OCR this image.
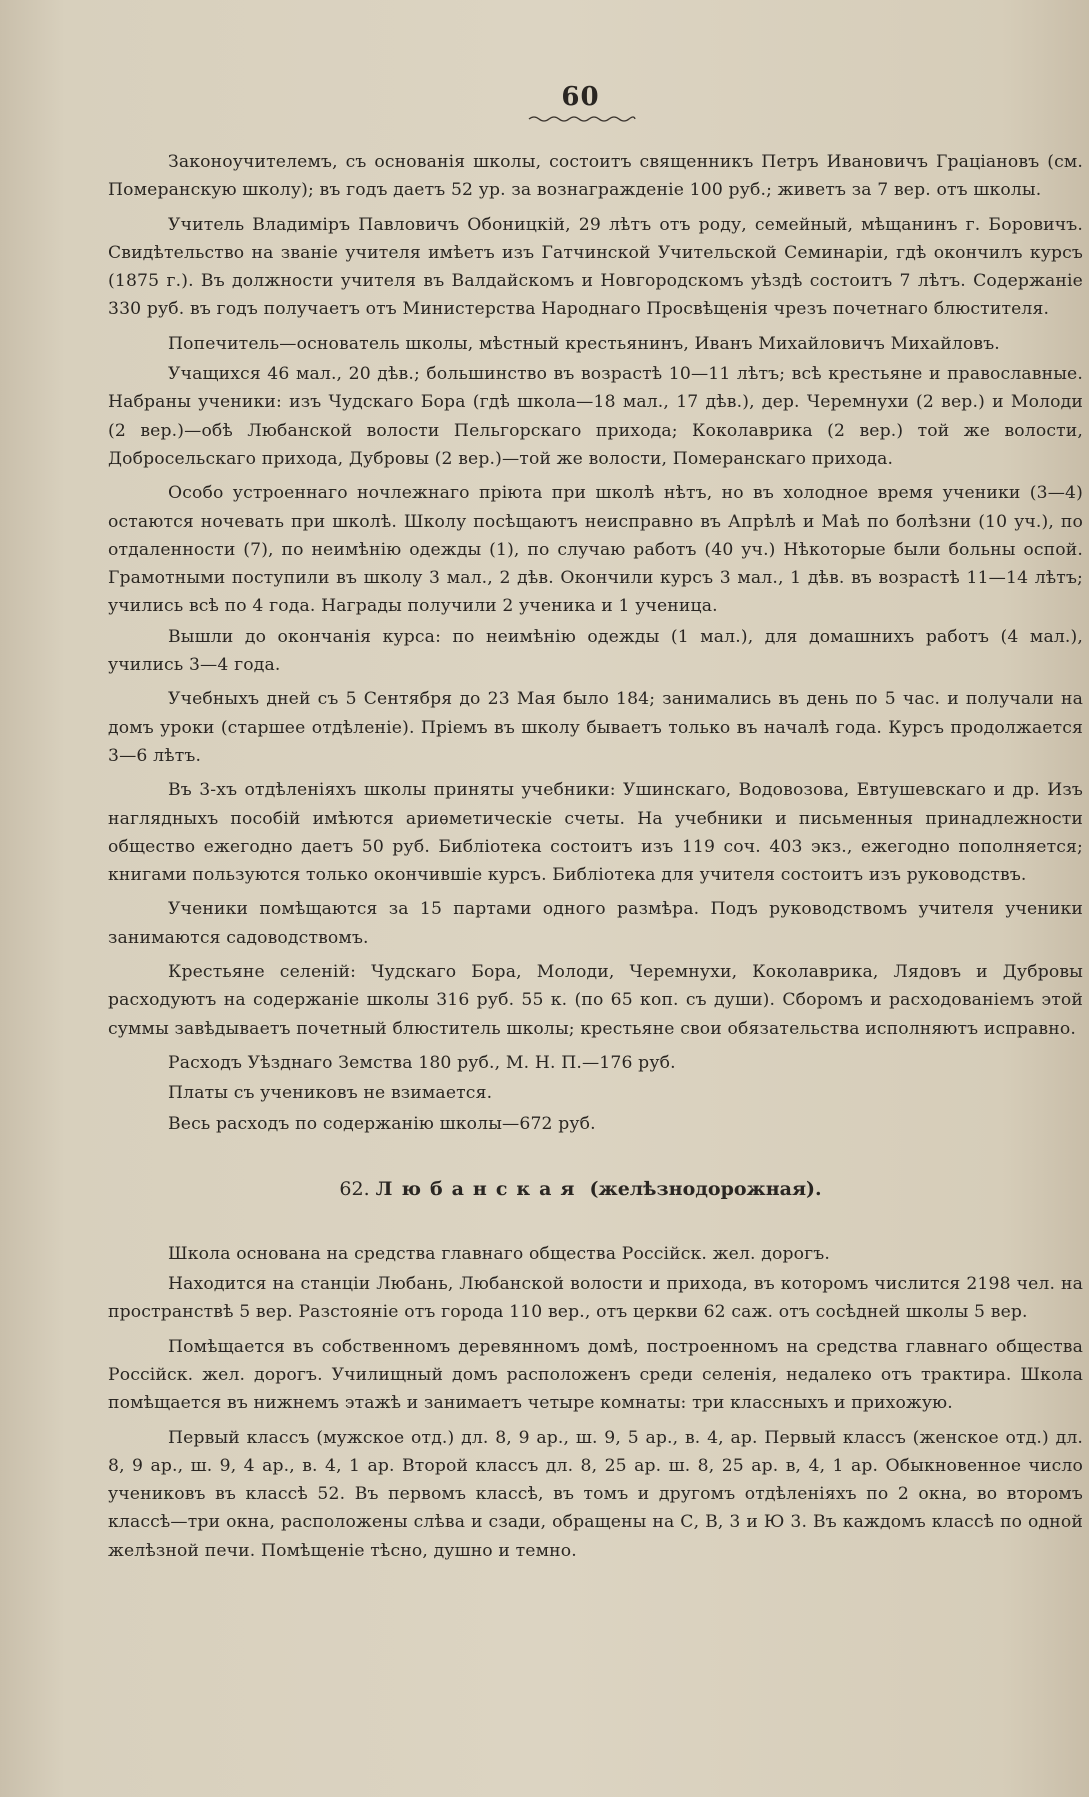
60

Законоучителемъ, съ основанія школы, состоитъ священникъ Петръ Ивановичъ Граціановъ (см. Померанскую школу); въ годъ даетъ 52 ур. за вознагражденіе 100 руб.; живетъ за 7 вер. отъ школы.

Учитель Владиміръ Павловичъ Обоницкій, 29 лѣтъ отъ роду, семейный, мѣщанинъ г. Боровичъ. Свидѣтельство на званіе учителя имѣетъ изъ Гатчинской Учительской Семинаріи, гдѣ окончилъ курсъ (1875 г.). Въ должности учителя въ Валдайскомъ и Новгородскомъ уѣздѣ состоитъ 7 лѣтъ. Содержаніе 330 руб. въ годъ получаетъ отъ Министерства Народнаго Просвѣщенія чрезъ почетнаго блюстителя.

Попечитель—основатель школы, мѣстный крестьянинъ, Иванъ Михайловичъ Михайловъ.

Учащихся 46 мал., 20 дѣв.; большинство въ возрастѣ 10—11 лѣтъ; всѣ крестьяне и православные. Набраны ученики: изъ Чудскаго Бора (гдѣ школа—18 мал., 17 дѣв.), дер. Черемнухи (2 вер.) и Молоди (2 вер.)—обѣ Любанской волости Пельгорскаго прихода; Коколаврика (2 вер.) той же волости, Добросельскаго прихода, Дубровы (2 вер.)—той же волости, Померанскаго прихода.

Особо устроеннаго ночлежнаго пріюта при школѣ нѣтъ, но въ холодное время ученики (3—4) остаются ночевать при школѣ. Школу посѣщаютъ неисправно въ Апрѣлѣ и Маѣ по болѣзни (10 уч.), по отдаленности (7), по неимѣнію одежды (1), по случаю работъ (40 уч.) Нѣкоторые были больны оспой. Грамотными поступили въ школу 3 мал., 2 дѣв. Окончили курсъ 3 мал., 1 дѣв. въ возрастѣ 11—14 лѣтъ; учились всѣ по 4 года. Награды получили 2 ученика и 1 ученица.

Вышли до окончанія курса: по неимѣнію одежды (1 мал.), для домашнихъ работъ (4 мал.), учились 3—4 года.

Учебныхъ дней съ 5 Сентября до 23 Мая было 184; занимались въ день по 5 час. и получали на домъ уроки (старшее отдѣленіе). Пріемъ въ школу бываетъ только въ началѣ года. Курсъ продолжается 3—6 лѣтъ.

Въ 3-хъ отдѣленіяхъ школы приняты учебники: Ушинскаго, Водовозова, Евтушевскаго и др. Изъ наглядныхъ пособій имѣются ариѳметическіе счеты. На учебники и письменныя принадлежности общество ежегодно даетъ 50 руб. Библіотека состоитъ изъ 119 соч. 403 экз., ежегодно пополняется; книгами пользуются только окончившіе курсъ. Библіотека для учителя состоитъ изъ руководствъ.

Ученики помѣщаются за 15 партами одного размѣра. Подъ руководствомъ учителя ученики занимаются садоводствомъ.

Крестьяне селеній: Чудскаго Бора, Молоди, Черемнухи, Коколаврика, Лядовъ и Дубровы расходуютъ на содержаніе школы 316 руб. 55 к. (по 65 коп. съ души). Сборомъ и расходованіемъ этой суммы завѣдываетъ почетный блюститель школы; крестьяне свои обязательства исполняютъ исправно.

Расходъ Уѣзднаго Земства 180 руб., М. Н. П.—176 руб.

Платы съ учениковъ не взимается.

Весь расходъ по содержанію школы—672 руб.

62. Любанская (желѣзнодорожная).

Школа основана на средства главнаго общества Россійск. жел. дорогъ.

Находится на станціи Любань, Любанской волости и прихода, въ которомъ числится 2198 чел. на пространствѣ 5 вер. Разстояніе отъ города 110 вер., отъ церкви 62 саж. отъ сосѣдней школы 5 вер.

Помѣщается въ собственномъ деревянномъ домѣ, построенномъ на средства главнаго общества Россійск. жел. дорогъ. Училищный домъ расположенъ среди селенія, недалеко отъ трактира. Школа помѣщается въ нижнемъ этажѣ и занимаетъ четыре комнаты: три классныхъ и прихожую.

Первый классъ (мужское отд.) дл. 8, 9 ар., ш. 9, 5 ар., в. 4, ар. Первый классъ (женское отд.) дл. 8, 9 ар., ш. 9, 4 ар., в. 4, 1 ар. Второй классъ дл. 8, 25 ар. ш. 8, 25 ар. в, 4, 1 ар. Обыкновенное число учениковъ въ классѣ 52. Въ первомъ классѣ, въ томъ и другомъ отдѣленіяхъ по 2 окна, во второмъ классѣ—три окна, расположены слѣва и сзади, обращены на С, В, 3 и Ю 3. Въ каждомъ классѣ по одной желѣзной печи. Помѣщеніе тѣсно, душно и темно.
